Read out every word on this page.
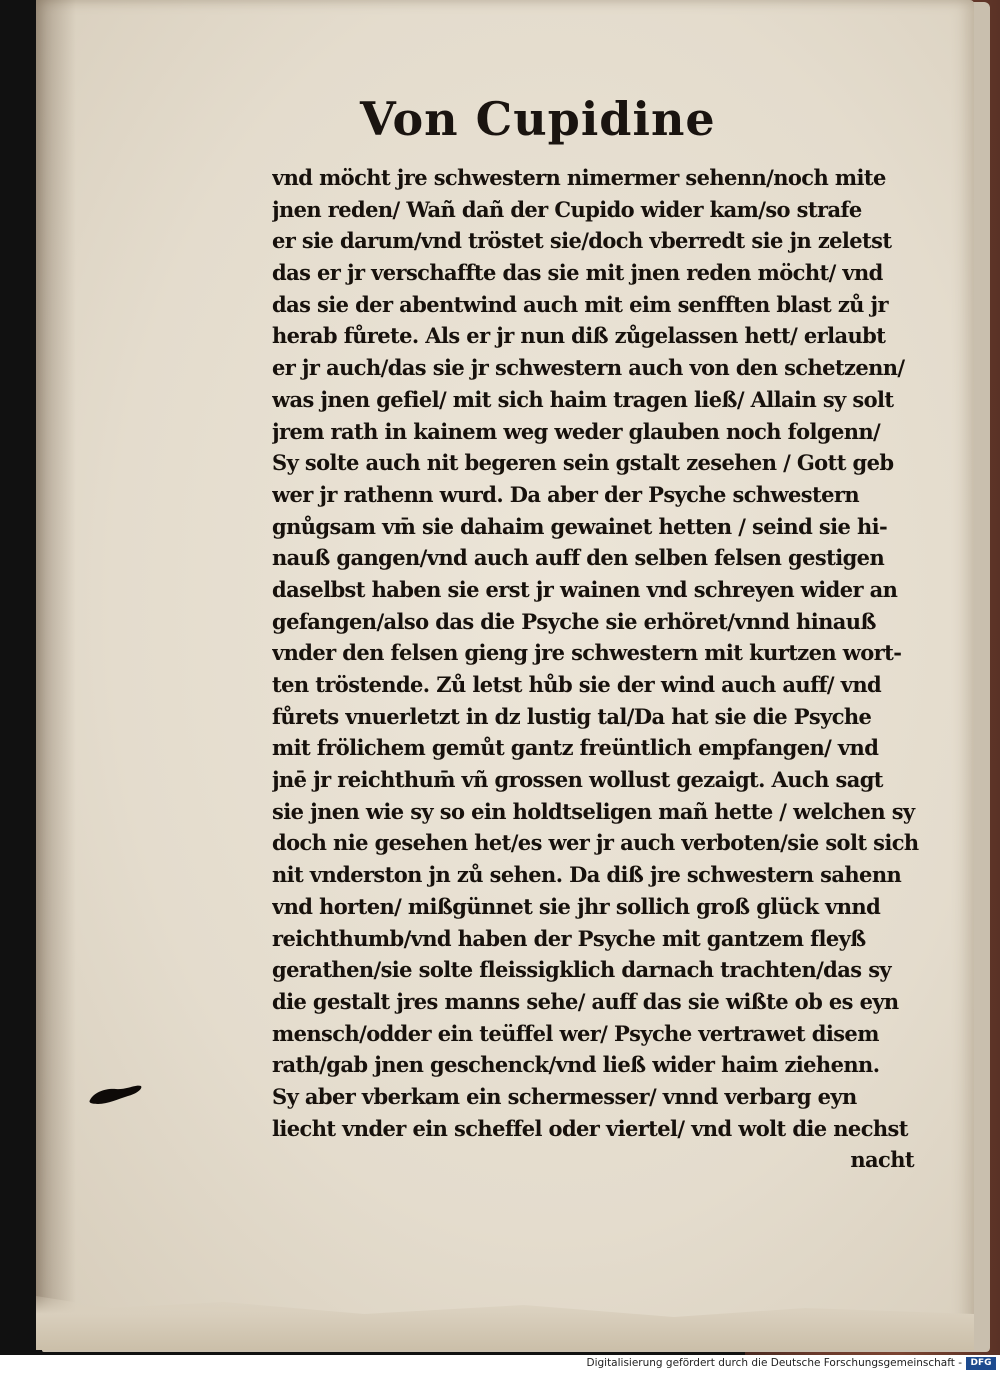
Von Cupidine
vnd möcht jre schwestern nimermer sehenn/noch mite
jnen reden/ Wañ dañ der Cupido wider kam/so strafe
er sie darum/vnd tröstet sie/doch vberredt sie jn zeletst
das er jr verschaffte das sie mit jnen reden möcht/ vnd
das sie der abentwind auch mit eim senfften blast zů jr
herab fůrete. Als er jr nun diß zůgelassen hett/ erlaubt
er jr auch/das sie jr schwestern auch von den schetzenn/
was jnen gefiel/ mit sich haim tragen ließ/ Allain sy solt
jrem rath in kainem weg weder glauben noch folgenn/
Sy solte auch nit begeren sein gstalt zesehen / Gott geb
wer jr rathenn wurd. Da aber der Psyche schwestern
gnůgsam vm̄ sie dahaim gewainet hetten / seind sie hi-
nauß gangen/vnd auch auff den selben felsen gestigen
daselbst haben sie erst jr wainen vnd schreyen wider an
gefangen/also das die Psyche sie erhöret/vnnd hinauß
vnder den felsen gieng jre schwestern mit kurtzen wort-
ten tröstende. Zů letst hůb sie der wind auch auff/ vnd
fůrets vnuerletzt in dz lustig tal/Da hat sie die Psyche
mit frölichem gemůt gantz freüntlich empfangen/ vnd
jnē jr reichthum̄ vñ grossen wollust gezaigt. Auch sagt
sie jnen wie sy so ein holdtseligen mañ hette / welchen sy
doch nie gesehen het/es wer jr auch verboten/sie solt sich
nit vnderston jn zů sehen. Da diß jre schwestern sahenn
vnd horten/ mißgünnet sie jhr sollich groß glück vnnd
reichthumb/vnd haben der Psyche mit gantzem fleyß
gerathen/sie solte fleissigklich darnach trachten/das sy
die gestalt jres manns sehe/ auff das sie wißte ob es eyn
mensch/odder ein teüffel wer/ Psyche vertrawet disem
rath/gab jnen geschenck/vnd ließ wider haim ziehenn.
Sy aber vberkam ein schermesser/ vnnd verbarg eyn
liecht vnder ein scheffel oder viertel/ vnd wolt die nechst
nacht
Digitalisierung gefördert durch die Deutsche Forschungsgemeinschaft - DFG
